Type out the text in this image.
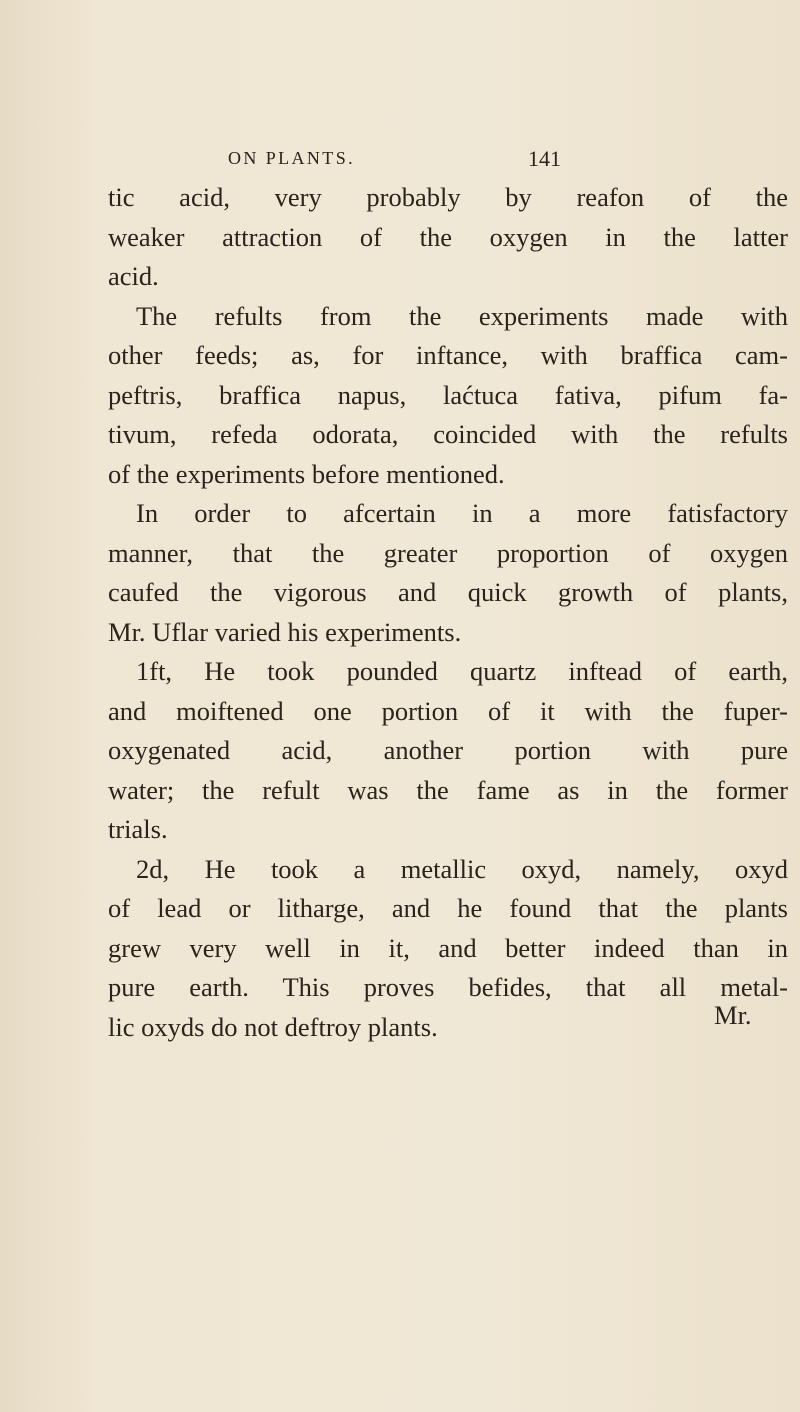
ON PLANTS.	141
tic acid, very probably by reafon of the
weaker attraction of the oxygen in the latter
acid.
The refults from the experiments made with
other feeds; as, for inftance, with braffica cam-
peftris, braffica napus, laćtuca fativa, pifum fa-
tivum, refeda odorata, coincided with the refults
of the experiments before mentioned.
In order to afcertain in a more fatisfactory
manner, that the greater proportion of oxygen
caufed the vigorous and quick growth of plants,
Mr. Uflar varied his experiments.
1ft, He took pounded quartz inftead of earth,
and moiftened one portion of it with the fuper-
oxygenated acid, another portion with pure
water; the refult was the fame as in the former
trials.
2d, He took a metallic oxyd, namely, oxyd
of lead or litharge, and he found that the plants
grew very well in it, and better indeed than in
pure earth. This proves befides, that all metal-
lic oxyds do not deftroy plants.	Mr.
